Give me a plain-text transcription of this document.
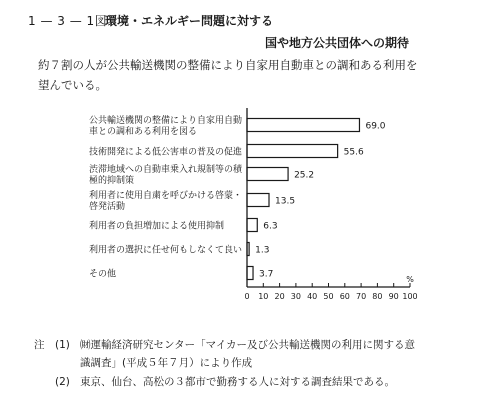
1 — 3 — 1図
環境・エネルギー問題に対する
国や地方公共団体への期待
約７割の人が公共輸送機関の整備により自家用自動車との調和ある利用を
望んでいる。
69.0
公共輸送機関の整備により自家用自動
車との調和ある利用を図る
55.6
技術開発による低公害車の普及の促進
25.2
渋滞地域への自動車乗入れ規制等の積
極的抑制策
13.5
利用者に使用自粛を呼びかける啓蒙・
啓発活動
6.3
利用者の負担増加による使用抑制
1.3
利用者の選択に任せ何もしなくて良い
3.7
その他
0 10 20 30 40 50 60 70 80 90 100
%
注 (1) ㈶運輸経済研究センター「マイカー及び公共輸送機関の利用に関する意
識調査」(平成５年７月）により作成
(2) 東京、仙台、高松の３都市で勤務する人に対する調査結果である。
